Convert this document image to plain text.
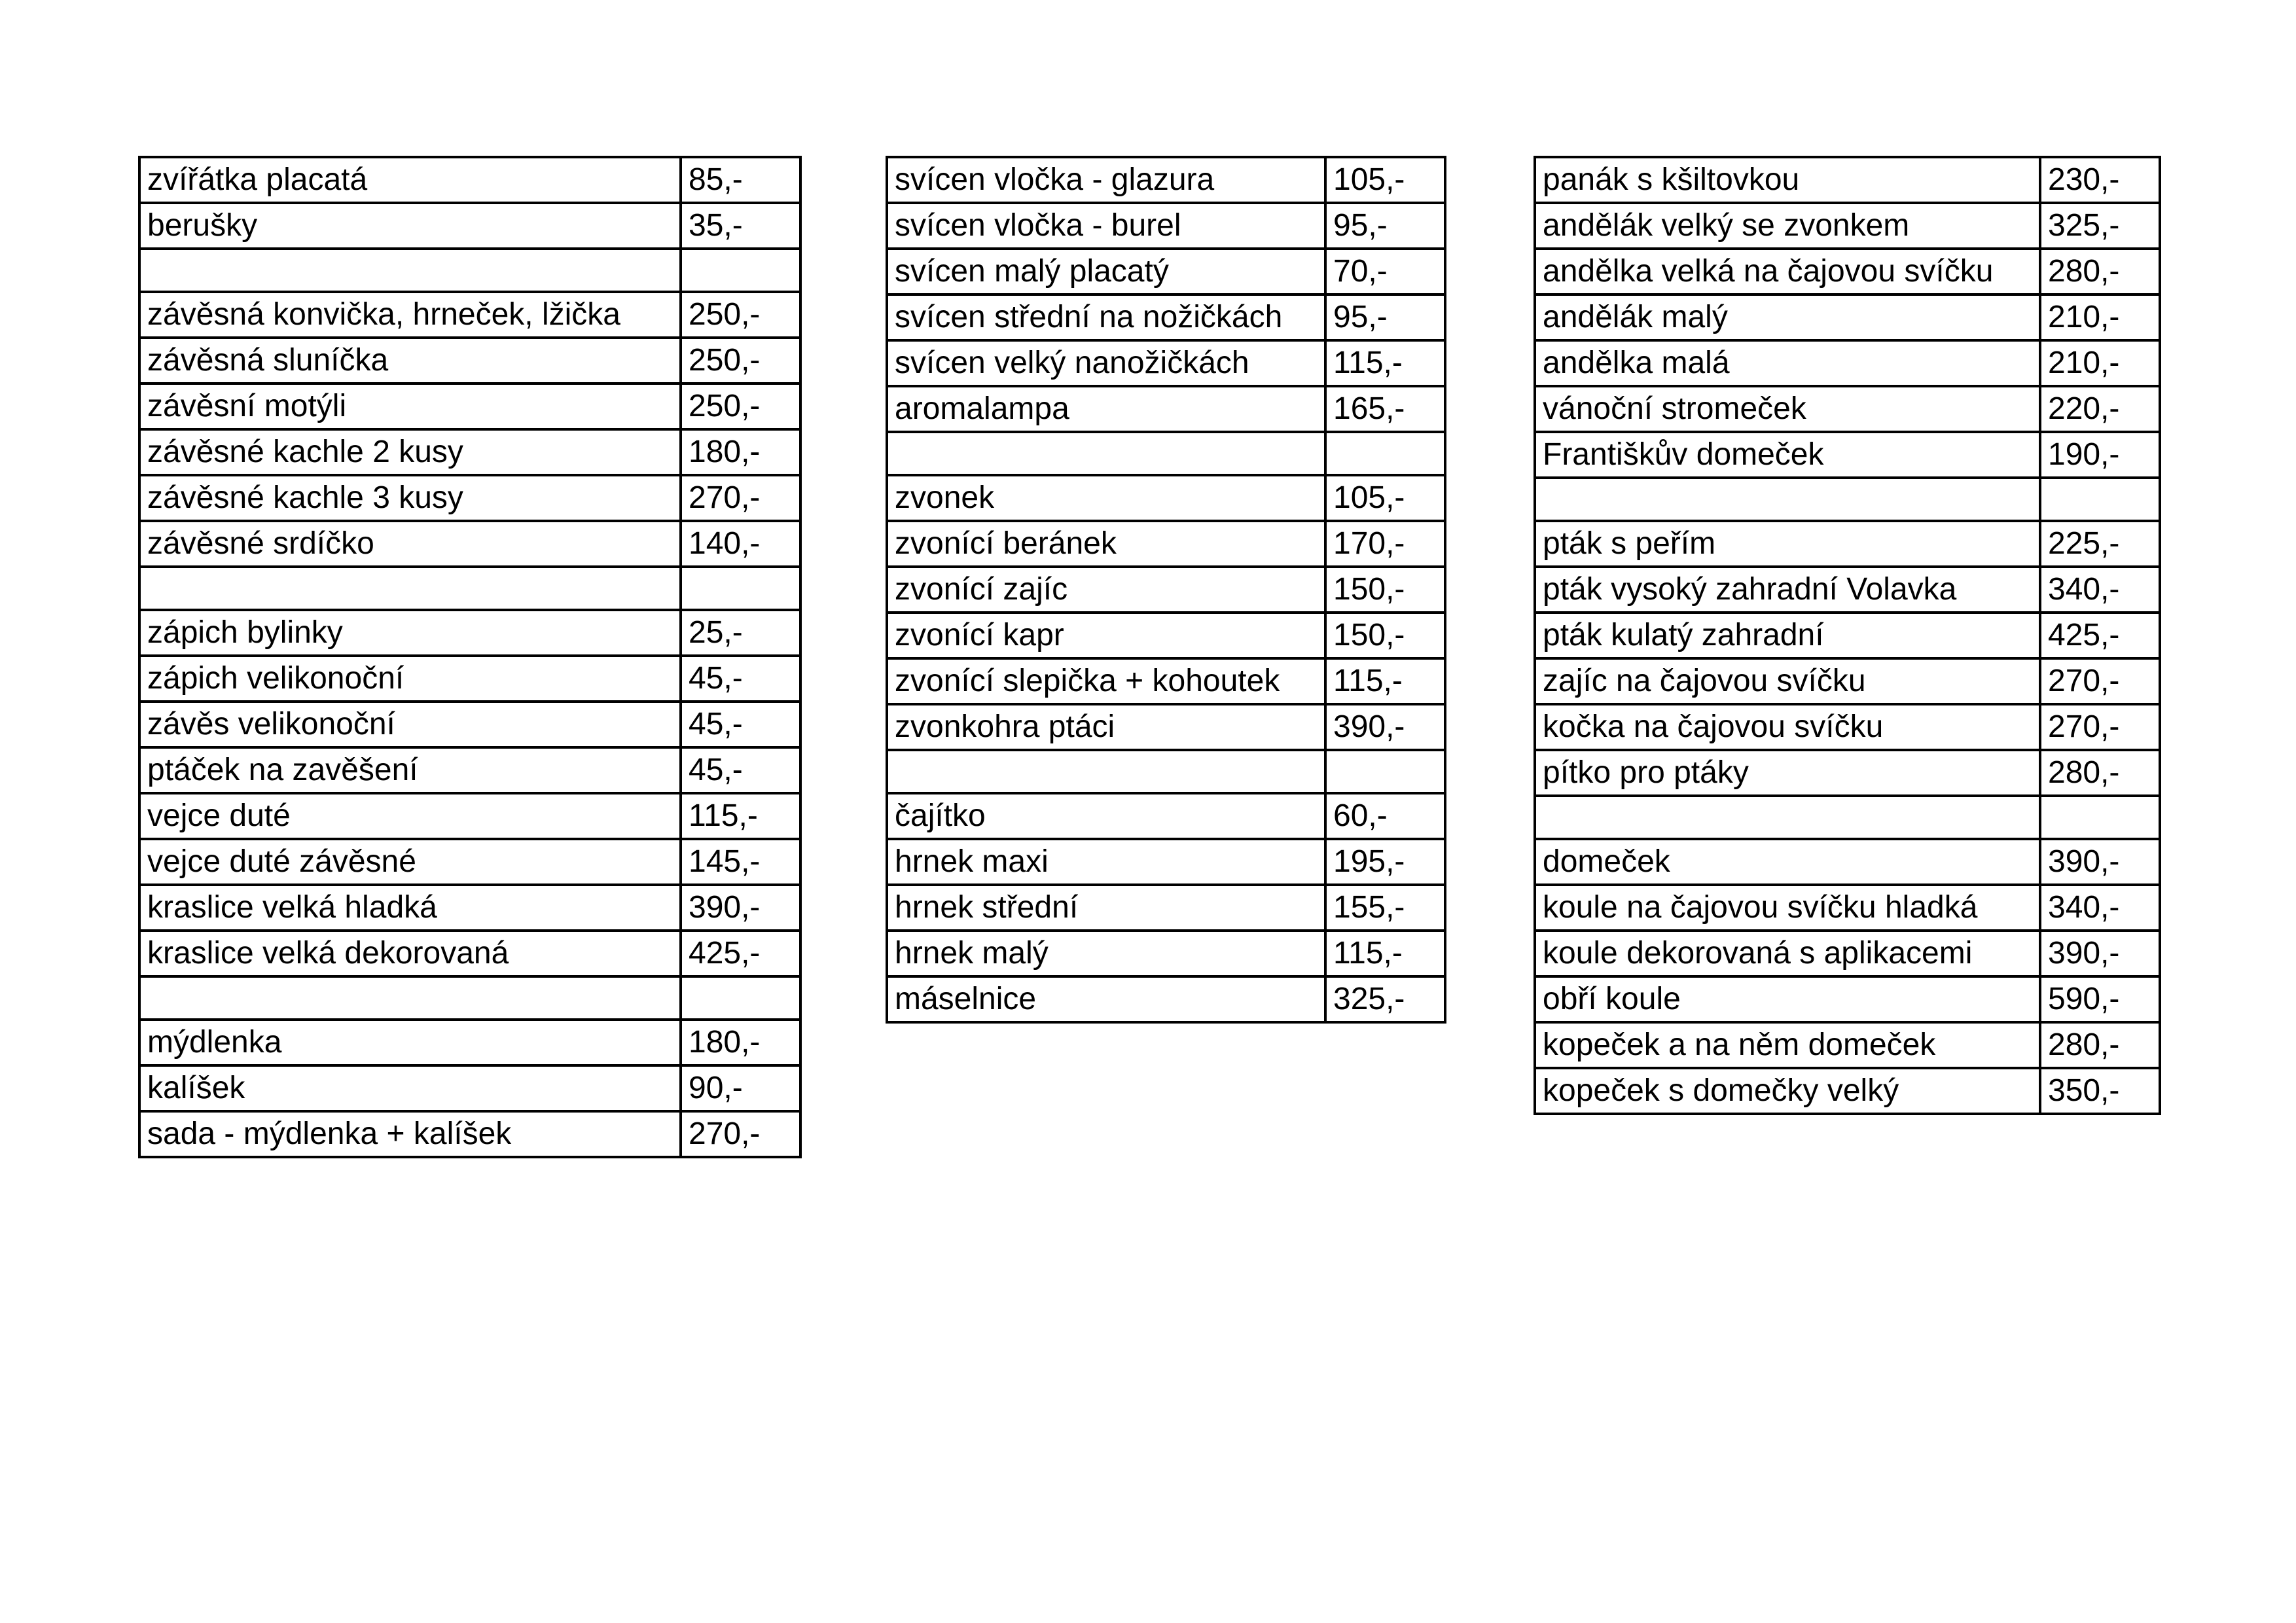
zvířátka placatá	85,-
berušky	35,-

závěsná konvička, hrneček, lžička	250,-
závěsná sluníčka	250,-
závěsní motýli	250,-
závěsné kachle 2 kusy	180,-
závěsné kachle 3 kusy	270,-
závěsné srdíčko	140,-

zápich bylinky	25,-
zápich velikonoční	45,-
závěs velikonoční	45,-
ptáček na zavěšení	45,-
vejce duté	115,-
vejce duté závěsné	145,-
kraslice velká hladká	390,-
kraslice velká dekorovaná	425,-

mýdlenka	180,-
kalíšek	90,-
sada - mýdlenka + kalíšek	270,-
svícen vločka - glazura	105,-
svícen vločka - burel	95,-
svícen malý placatý	70,-
svícen střední na nožičkách	95,-
svícen velký nanožičkách	115,-
aromalampa	165,-

zvonek	105,-
zvonící beránek	170,-
zvonící zajíc	150,-
zvonící kapr	150,-
zvonící slepička + kohoutek	115,-
zvonkohra ptáci	390,-

čajítko	60,-
hrnek maxi	195,-
hrnek střední	155,-
hrnek malý	115,-
máselnice	325,-
panák s kšiltovkou	230,-
andělák velký se zvonkem	325,-
andělka velká na čajovou svíčku	280,-
andělák malý	210,-
andělka malá	210,-
vánoční stromeček	220,-
Františkův domeček	190,-

pták s peřím	225,-
pták vysoký zahradní Volavka	340,-
pták kulatý zahradní	425,-
zajíc na čajovou svíčku	270,-
kočka na čajovou svíčku	270,-
pítko pro ptáky	280,-

domeček	390,-
koule na čajovou svíčku hladká	340,-
koule dekorovaná s aplikacemi	390,-
obří koule	590,-
kopeček a na něm domeček	280,-
kopeček s domečky velký	350,-
